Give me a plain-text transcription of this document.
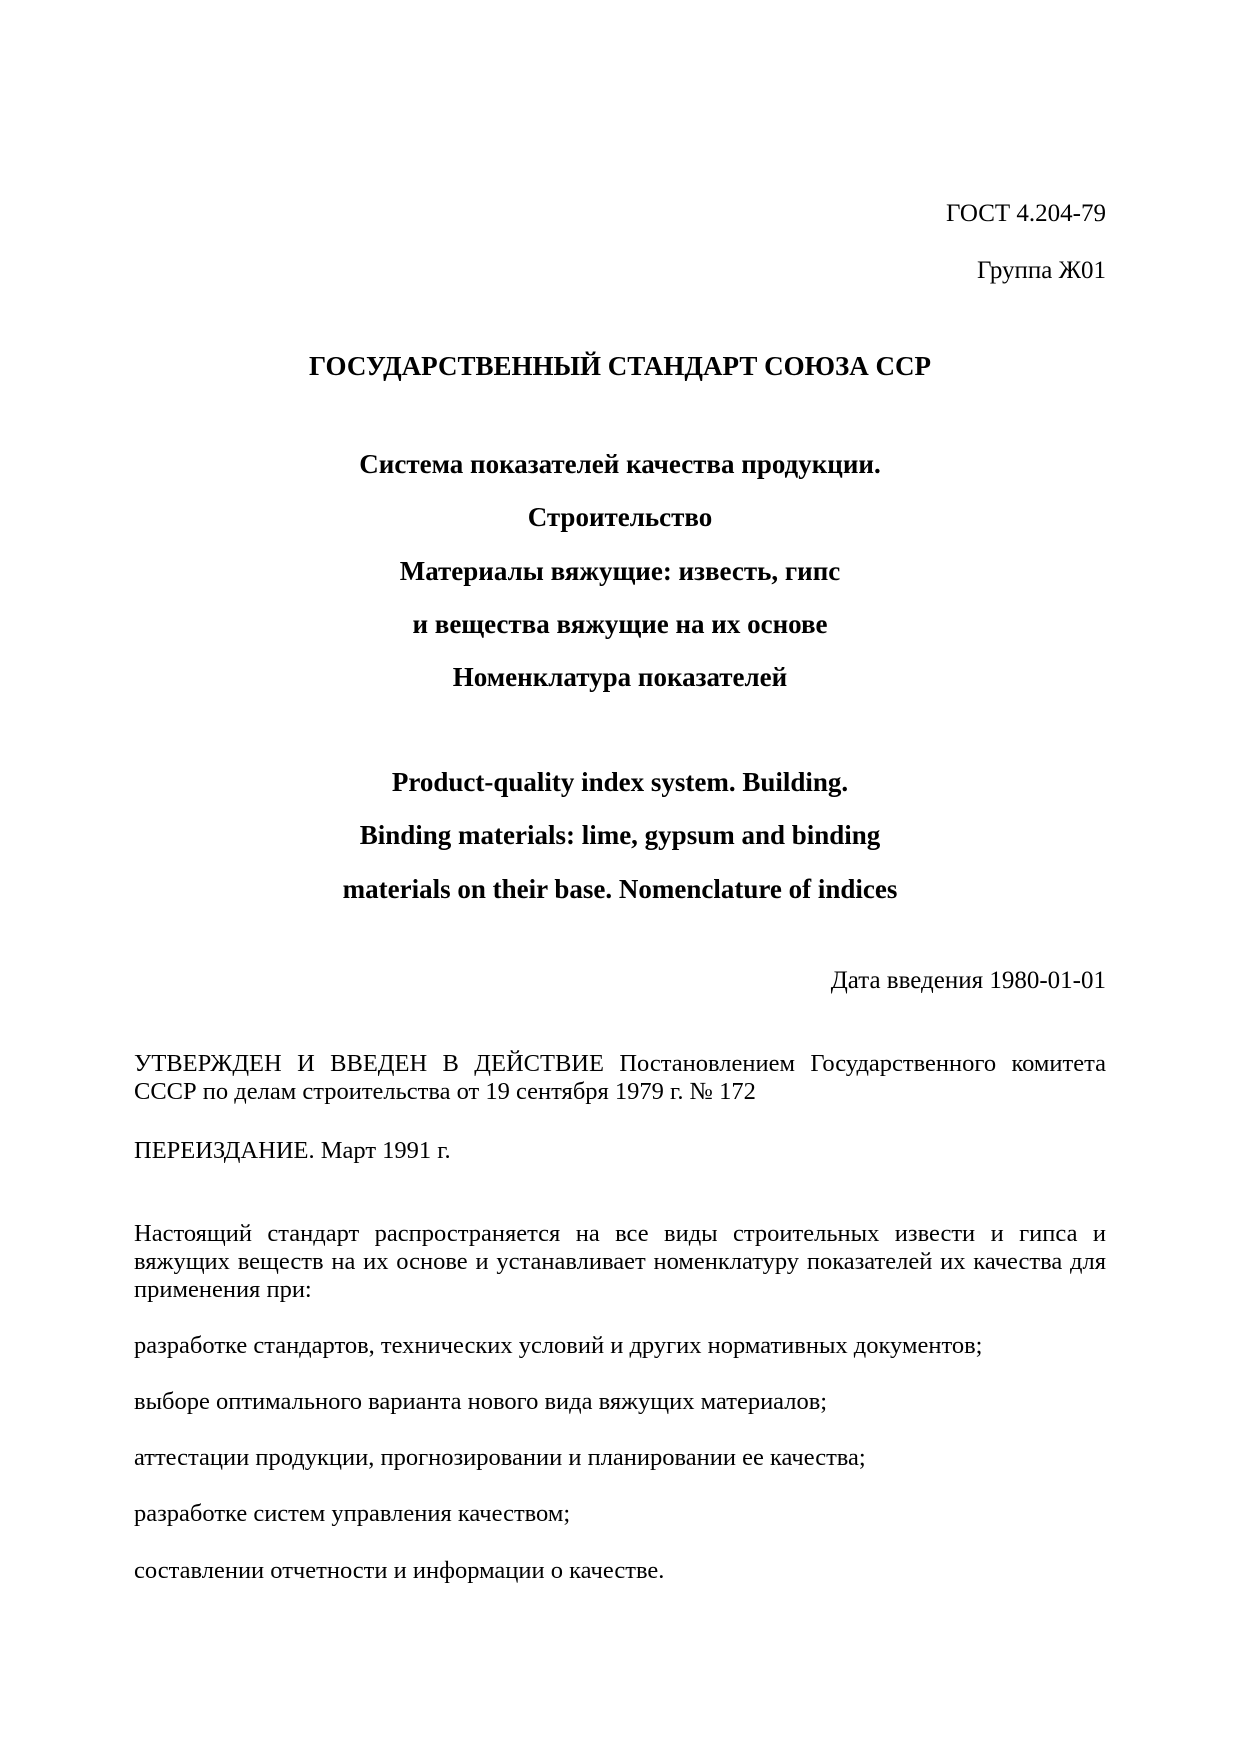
ГОСТ 4.204-79

Группа Ж01

ГОСУДАРСТВЕННЫЙ СТАНДАРТ СОЮЗА ССР

Система показателей качества продукции.

Строительство

Материалы вяжущие: известь, гипс

и вещества вяжущие на их основе

Номенклатура показателей

Product-quality index system. Building.

Binding materials: lime, gypsum and binding

materials on their base. Nomenclature of indices

Дата введения 1980-01-01

УТВЕРЖДЕН И ВВЕДЕН В ДЕЙСТВИЕ Постановлением Государственного комитета СССР по делам строительства от 19 сентября 1979 г. № 172

ПЕРЕИЗДАНИЕ. Март 1991 г.

Настоящий стандарт распространяется на все виды строительных извести и гипса и вяжущих веществ на их основе и устанавливает номенклатуру показателей их качества для применения при:

разработке стандартов, технических условий и других нормативных документов;

выборе оптимального варианта нового вида вяжущих материалов;

аттестации продукции, прогнозировании и планировании ее качества;

разработке систем управления качеством;

составлении отчетности и информации о качестве.
